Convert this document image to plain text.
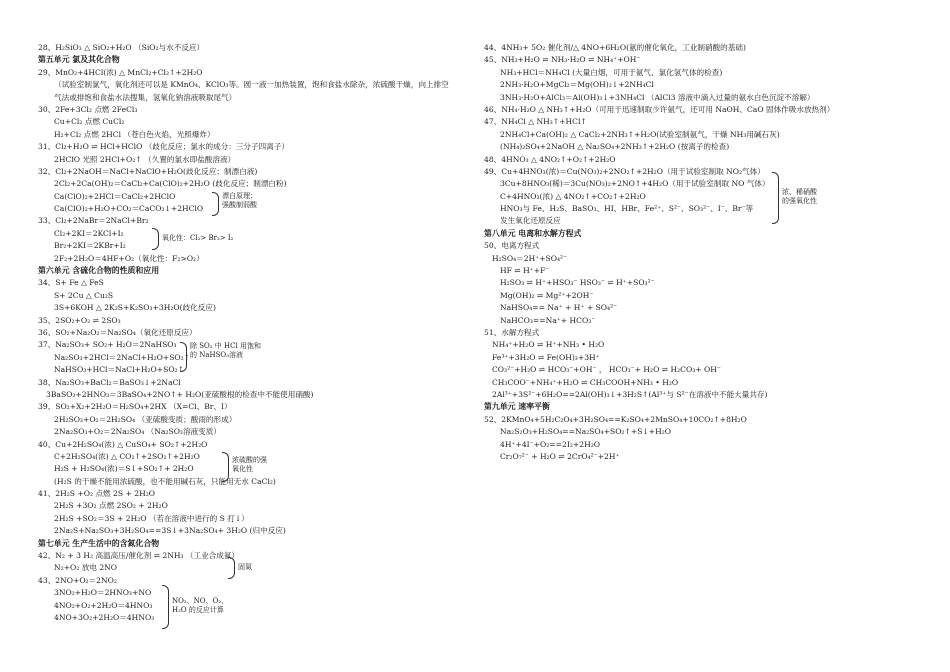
28、H₂SiO₃ △ SiO₂+H₂O （SiO₂与水不反应）
第五单元 氯及其化合物
29、MnO₂+4HCl(浓) △ MnCl₂+Cl₂↑+2H₂O
（试验室制氯气，氧化剂还可以是 KMnO₄、KClO₃等。圆一液一加热装置，饱和食盐水除杂，浓硫酸干燥，向上排空气法或排饱和食盐水法搜集，氢氧化钠溶液吸取尾气）
30、2Fe+3Cl₂ 点燃 2FeCl₃
Cu+Cl₂ 点燃 CuCl₂
H₂+Cl₂ 点燃 2HCl （苍白色火焰，光照爆炸）
31、Cl₂+H₂O ⇌ HCl+HClO （歧化反应；氯水的成分：三分子四离子）
2HClO 光照 2HCl+O₂↑ （久置的氯水即盐酸溶液）
32、Cl₂+2NaOH＝NaCl+NaClO+H₂O(歧化反应；制漂白液)
2Cl₂+2Ca(OH)₂＝CaCl₂+Ca(ClO)₂+2H₂O (歧化反应；制漂白粉)
Ca(ClO)₂+2HCl＝CaCl₂+2HClO
Ca(ClO)₂+H₂O+CO₂＝CaCO₃↓+2HClO
33、Cl₂+2NaBr＝2NaCl+Br₂
Cl₂+2KI＝2KCl+I₂
Br₂+2KI＝2KBr+I₂
2F₂+2H₂O＝4HF+O₂（氧化性：F₂>O₂）
第六单元 含硫化合物的性质和应用
34、S+ Fe △ FeS
S+ 2Cu △ Cu₂S
3S+6KOH △ 2K₂S+K₂SO₃+3H₂O(歧化反应)
35、2SO₂+O₂ ⇌ 2SO₃
36、SO₂+Na₂O₂＝Na₂SO₄（氧化还原反应）
37、Na₂SO₃+ SO₂+ H₂O＝2NaHSO₃
Na₂SO₃+2HCl＝2NaCl+H₂O+SO₂↑
NaHSO₃+HCl＝NaCl+H₂O+SO₂↑
38、Na₂SO₃+BaCl₂＝BaSO₃↓+2NaCl
3BaSO₃+2HNO₃＝3BaSO₄+2NO↑+ H₂O(亚硫酸根的检查中不能使用硝酸)
39、SO₂+X₂+2H₂O＝H₂SO₄+2HX （X=Cl、Br、I）
2H₂SO₃+O₂＝2H₂SO₄ （亚硫酸变质；酸雨的形成）
2Na₂SO₃+O₂＝2Na₂SO₄ （Na₂SO₃溶液变质）
40、Cu+2H₂SO₄(浓) △ CuSO₄+ SO₂↑+2H₂O
C+2H₂SO₄(浓) △ CO₂↑+2SO₂↑+2H₂O
H₂S + H₂SO₄(浓)＝S↓+SO₂↑+ 2H₂O
(H₂S 的干燥不能用浓硫酸，也不能用碱石灰，只能用无水 CaCl₂)
41、2H₂S +O₂ 点燃 2S + 2H₂O
2H₂S +3O₂ 点燃 2SO₂ + 2H₂O
2H₂S +SO₂＝3S + 2H₂O （若在溶液中进行的 S 打↓）
2Na₂S+Na₂SO₃+3H₂SO₄==3S↓+3Na₂SO₄+ 3H₂O (归中反应)
第七单元 生产生活中的含氮化合物
42、N₂ + 3 H₂ 高温高压/催化剂 ⇌ 2NH₃ （工业合成氨）
N₂+O₂ 放电 2NO
43、2NO+O₂＝2NO₂
3NO₂+H₂O＝2HNO₃+NO
4NO₂+O₂+2H₂O＝4HNO₃
4NO+3O₂+2H₂O＝4HNO₃
44、4NH₃+ 5O₂ 催化剂/△ 4NO+6H₂O(氨的催化氧化，工业制硝酸的基础)
45、NH₃+H₂O ⇌ NH₃·H₂O ⇌ NH₄⁺+OH⁻
NH₃+HCl＝NH₄Cl (大量白烟，可用于氨气、氯化氢气体的检查)
2NH₃·H₂O+MgCl₂＝Mg(OH)₂↓+2NH₄Cl
3NH₃·H₂O+AlCl₃＝Al(OH)₃↓+3NH₄Cl （AlCl3 溶液中滴入过量的氨水白色沉淀不溶解）
46、NH₄·H₂O △ NH₃↑+H₂O（可用于迅速制取少许氨气，还可用 NaOH、CaO 固体作吸水放热剂）
47、NH₄Cl △ NH₃↑+HCl↑
2NH₄Cl+Ca(OH)₂ △ CaCl₂+2NH₃↑+H₂O(试验室制氨气，干燥 NH₃用碱石灰)
(NH₄)₂SO₄+2NaOH △ Na₂SO₄+2NH₃↑+2H₂O (按离子的检查)
48、4HNO₃ △ 4NO₂↑+O₂↑+2H₂O
49、Cu+4HNO₃(浓)＝Cu(NO₃)₂+2NO₂↑+2H₂O（用于试验室制取 NO₂气体）
3Cu+8HNO₃(稀)＝3Cu(NO₃)₂+2NO↑+4H₂O（用于试验室制取 NO 气体）
C+4HNO₃(浓) △ 4NO₂↑+CO₂↑+2H₂O
HNO₃与 Fe、H₂S、BaSO₃、HI、HBr、Fe²⁺、S²⁻、SO₃²⁻、I⁻、Br⁻等
发生氧化还原反应
第八单元 电离和水解方程式
50、电离方程式
H₂SO₄＝2H⁺+SO₄²⁻
HF ⇌ H⁺+F⁻
H₂SO₃ ⇌ H⁺+HSO₃⁻ HSO₃⁻ ⇌ H⁺+SO₃²⁻
Mg(OH)₂ ⇌ Mg²⁺+2OH⁻
NaHSO₄== Na⁺ + H⁺ + SO₄²⁻
NaHCO₃==Na⁺+ HCO₃⁻
51、水解方程式
NH₄⁺+H₂O ⇌ H⁺+NH₃ • H₂O
Fe³⁺+3H₂O ⇌ Fe(OH)₃+3H⁺
CO₃²⁻+H₂O ⇌ HCO₃⁻+OH⁻ ， HCO₃⁻+ H₂O ⇌ H₂CO₃+ OH⁻
CH₃COO⁻+NH₄⁺+H₂O ⇌ CH₃COOH+NH₃ • H₂O
2Al³⁺+3S²⁻+6H₂O==2Al(OH)₃↓+3H₂S↑(Al³⁺与 S²⁻在溶液中不能大量共存)
第九单元 速率平衡
52、2KMnO₄+5H₂C₂O₄+3H₂SO₄==K₂SO₄+2MnSO₄+10CO₂↑+8H₂O
Na₂S₂O₃+H₂SO₄==Na₂SO₄+SO₂↑+S↓+H₂O
4H⁺+4I⁻+O₂==2I₂+2H₂O
Cr₂O₇²⁻ + H₂O ⇌ 2CrO₄²⁻+2H⁺
漂白原理；
强酸制弱酸
氧化性：Cl₂> Br₂> I₂
除 SO₂ 中 HCl 用饱和的 NaHSO₃溶液
浓硫酸的强
氧化性
固氮
NO₂、NO、O₂、
H₂O 的反应计算
浓、稀硝酸
的强氧化性
